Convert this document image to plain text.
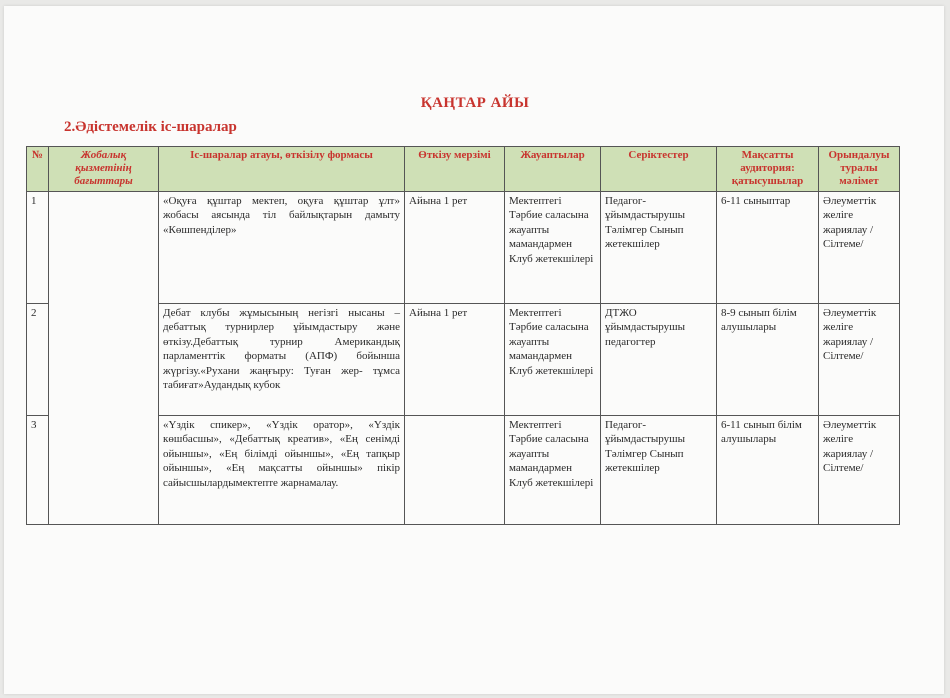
ҚАҢТАР АЙЫ
2.Әдістемелік іс-шаралар
№	Жобалық қызметінің бағыттары	Іс-шаралар атауы, өткізілу формасы	Өткізу мерзімі	Жауаптылар	Серіктестер	Мақсатты аудитория: қатысушылар	Орындалуы туралы мәлімет
1		«Оқуға құштар мектеп, оқуға құштар ұлт» жобасы аясында тіл байлықтарын дамыту «Көшпенділер»	Айына 1 рет	Мектептегі Тәрбие саласына жауапты мамандармен Клуб жетекшілері	Педагог-ұйымдастырушы Тәлімгер Сынып жетекшілер	6-11 сыныптар	Әлеуметтік желіге жариялау /Сілтеме/
2		Дебат клубы жұмысының негізгі нысаны – дебаттық турнирлер ұйымдастыру және өткізу.Дебаттық турнир Американдық парламенттік форматы (АПФ) бойынша жүргізу.«Рухани жаңғыру: Туған жер- тұмса табиғат»Аудандық кубок	Айына 1 рет	Мектептегі Тәрбие саласына жауапты мамандармен Клуб жетекшілері	ДТЖО ұйымдастырушы педагогтер	8-9 сынып білім алушылары	Әлеуметтік желіге жариялау /Сілтеме/
3		«Үздік спикер», «Үздік оратор», «Үздік көшбасшы», «Дебаттық креатив», «Ең сенімді ойыншы», «Ең білімді ойыншы», «Ең тапқыр ойыншы», «Ең мақсатты ойыншы» пікір сайысшылардымектепте жарнамалау.		Мектептегі Тәрбие саласына жауапты мамандармен Клуб жетекшілері	Педагог-ұйымдастырушы Тәлімгер Сынып жетекшілер	6-11 сынып білім алушылары	Әлеуметтік желіге жариялау /Сілтеме/
